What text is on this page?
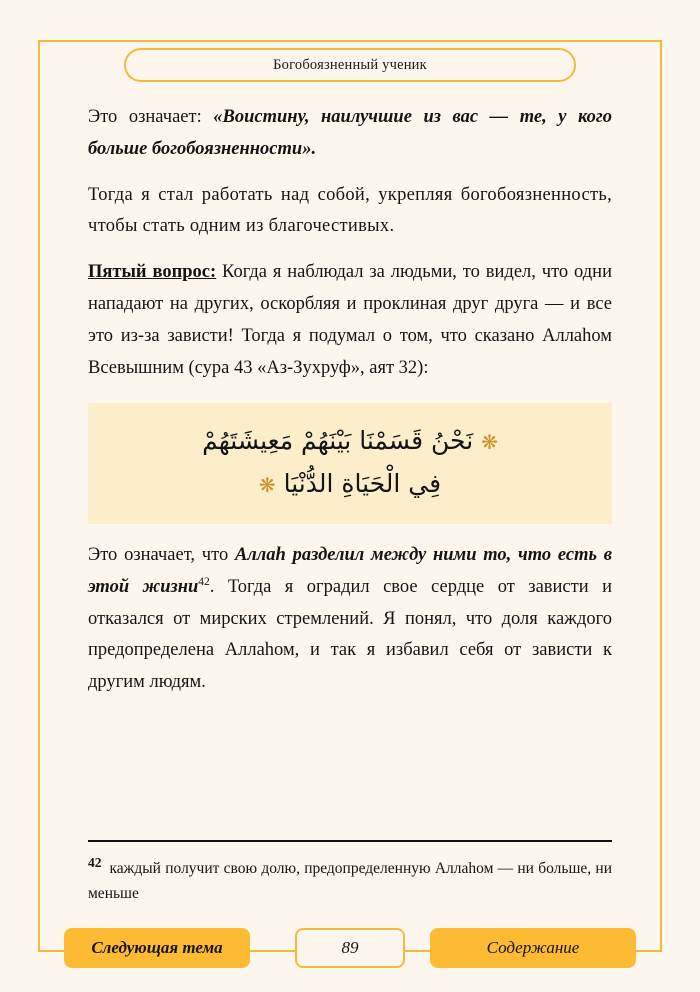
Богобоязненный ученик

Это означает: «Воистину, наилучшие из вас — те, у кого больше богобоязненности».

Тогда я стал работать над собой, укрепляя богобоязненность, чтобы стать одним из благочестивых.

Пятый вопрос: Когда я наблюдал за людьми, то видел, что одни нападают на других, оскорбляя и проклиная друг друга — и все это из-за зависти! Тогда я подумал о том, что сказано Аллаhом Всевышним (сура 43 «Аз-Зухруф», аят 32):

❋ نَحْنُ قَسَمْنَا بَيْنَهُمْ مَعِيشَتَهُمْ
فِي الْحَيَاةِ الدُّنْيَا ❋

Это означает, что Аллаh разделил между ними то, что есть в этой жизни$^{42}$. Тогда я оградил свое сердце от зависти и отказался от мирских стремлений. Я понял, что доля каждого предопределена Аллаhом, и так я избавил себя от зависти к другим людям.

42 каждый получит свою долю, предопределенную Аллаhом — ни больше, ни меньше
Следующая тема	89	Содержание
